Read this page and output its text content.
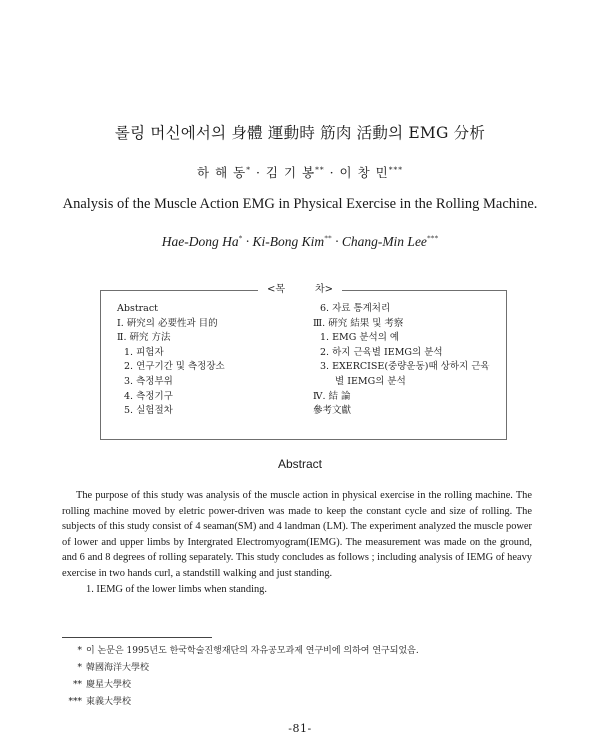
롤링 머신에서의 身體 運動時 筋肉 活動의 EMG 分析
하 해 동* · 김 기 봉** · 이 창 민***
Analysis of the Muscle Action EMG in Physical Exercise in the Rolling Machine.
Hae-Dong Ha* · Ki-Bong Kim** · Chang-Min Lee***
<목	차>
Abstract
Ⅰ. 硏究의 必要性과 目的
Ⅱ. 硏究 方法
1. 피험자
2. 연구기간 및 측정장소
3. 측정부위
4. 측정기구
5. 실험절차
6. 자료 통계처리
Ⅲ. 硏究 結果 및 考察
1. EMG 분석의 예
2. 하지 근육별 IEMG의 분석
3. EXERCISE(중량운동)때 상하지 근육
별 IEMG의 분석
Ⅳ. 結 論
參考文獻
Abstract

The purpose of this study was analysis of the muscle action in physical exercise in the rolling machine. The rolling machine moved by eletric power-driven was made to keep the constant cycle and size of rolling. The subjects of this study consist of 4 seaman(SM) and 4 landman (LM). The experiment analyzed the muscle power of lower and upper limbs by Intergrated Electromyogram(IEMG). The measurement was made on the ground, and 6 and 8 degrees of rolling separately. This study concludes as follows ; including analysis of IEMG of heavy exercise in two hands curl, a standstill walking and just standing.

1. IEMG of the lower limbs when standing.

* 이 논문은 1995년도 한국학술진행재단의 자유공모과제 연구비에 의하여 연구되었음.
* 韓國海洋大學校
** 慶星大學校
*** 東義大學校
-81-
